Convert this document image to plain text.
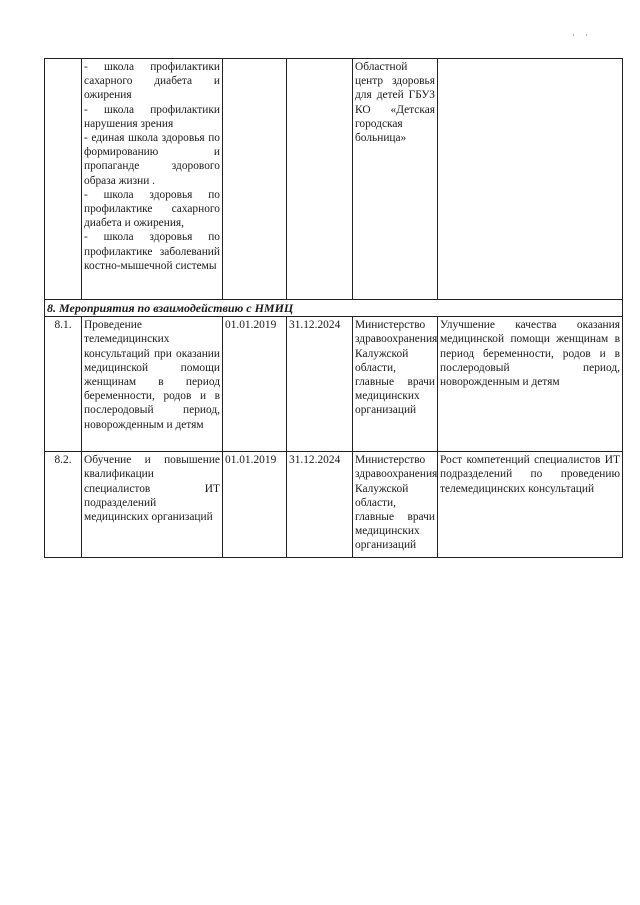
· ·

	- школа профилактики сахарного диабета и ожирения
- школа профилактики нарушения зрения
- единая школа здоровья по формированию и пропаганде здорового образа жизни .
- школа здоровья по профилактике сахарного диабета и ожирения,
- школа здоровья по профилактике заболеваний костно-мышечной системы			Областной центр здоровья для детей ГБУЗ КО «Детская городская больница»	
8. Мероприятия по взаимодействию с НМИЦ					
8.1.	Проведение телемедицинских консультаций при оказании медицинской помощи женщинам в период беременности, родов и в послеродовый период, новорожденным и детям	01.01.2019	31.12.2024	Министерство здравоохранения Калужской области, главные врачи медицинских организаций	Улучшение качества оказания медицинской помощи женщинам в период беременности, родов и в послеродовый период, новорожденным и детям
8.2.	Обучение и повышение квалификации специалистов ИТ подразделений медицинских организаций	01.01.2019	31.12.2024	Министерство здравоохранения Калужской области, главные врачи медицинских организаций	Рост компетенций специалистов ИТ подразделений по проведению телемедицинских консультаций
